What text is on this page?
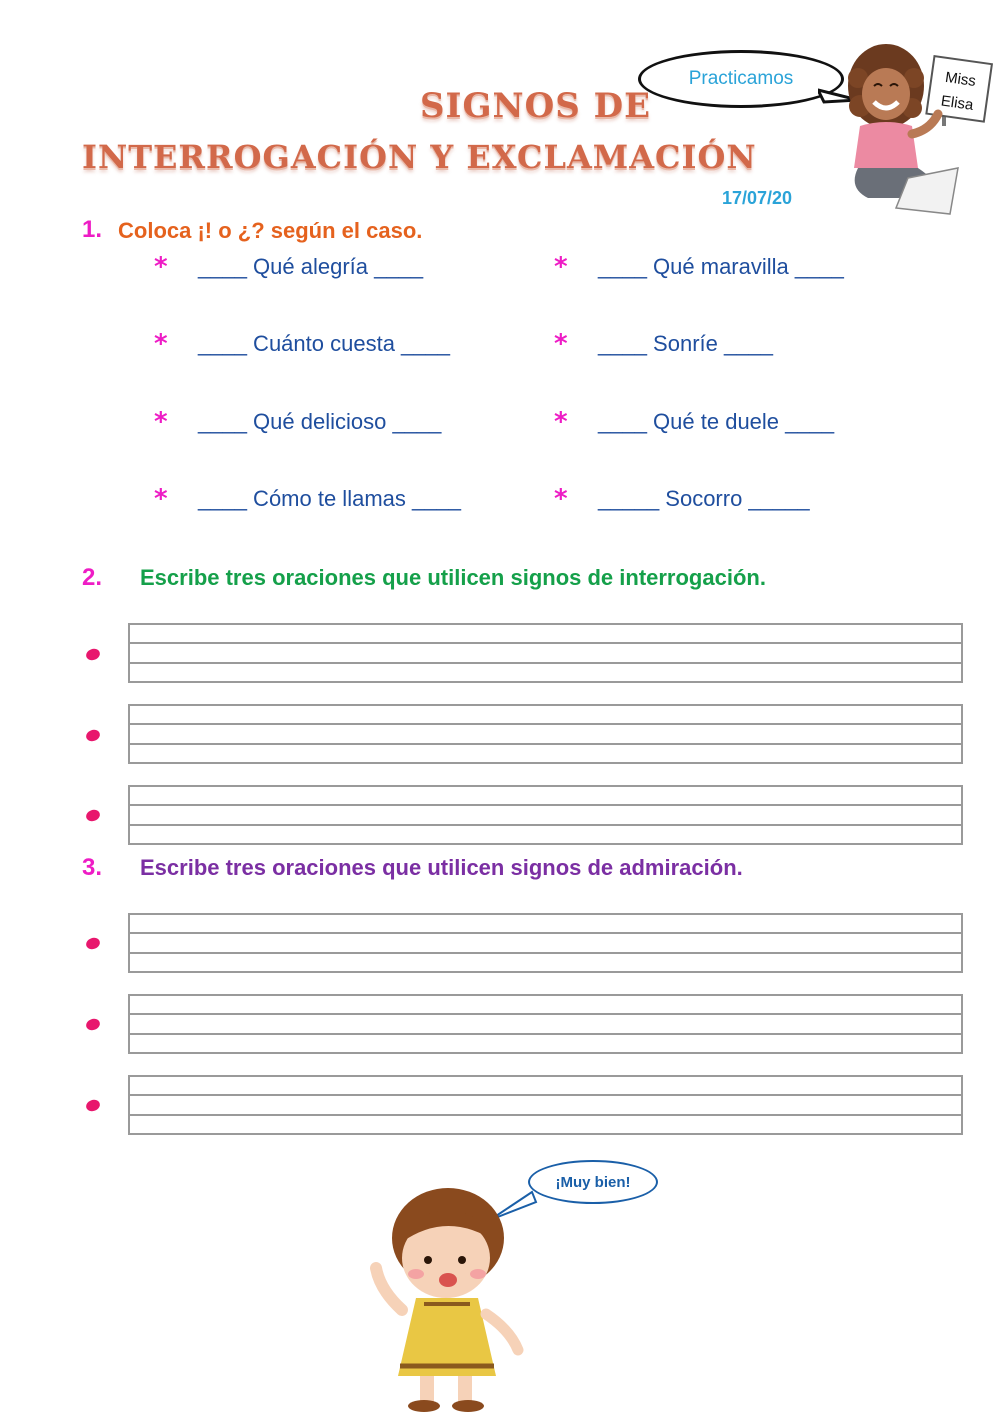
SIGNOS DE
INTERROGACIÓN Y EXCLAMACIÓN
Practicamos	Miss
Elisa
17/07/20
1. Coloca ¡! o ¿? según el caso.
* ____ Qué alegría ____	* ____ Qué maravilla ____
* ____ Cuánto cuesta ____	* ____ Sonríe ____
* ____ Qué delicioso ____	* ____ Qué te duele ____
* ____ Cómo te llamas ____	* _____ Socorro _____
2. Escribe tres oraciones que utilicen signos de interrogación.
3. Escribe tres oraciones que utilicen signos de admiración.
¡Muy bien!
